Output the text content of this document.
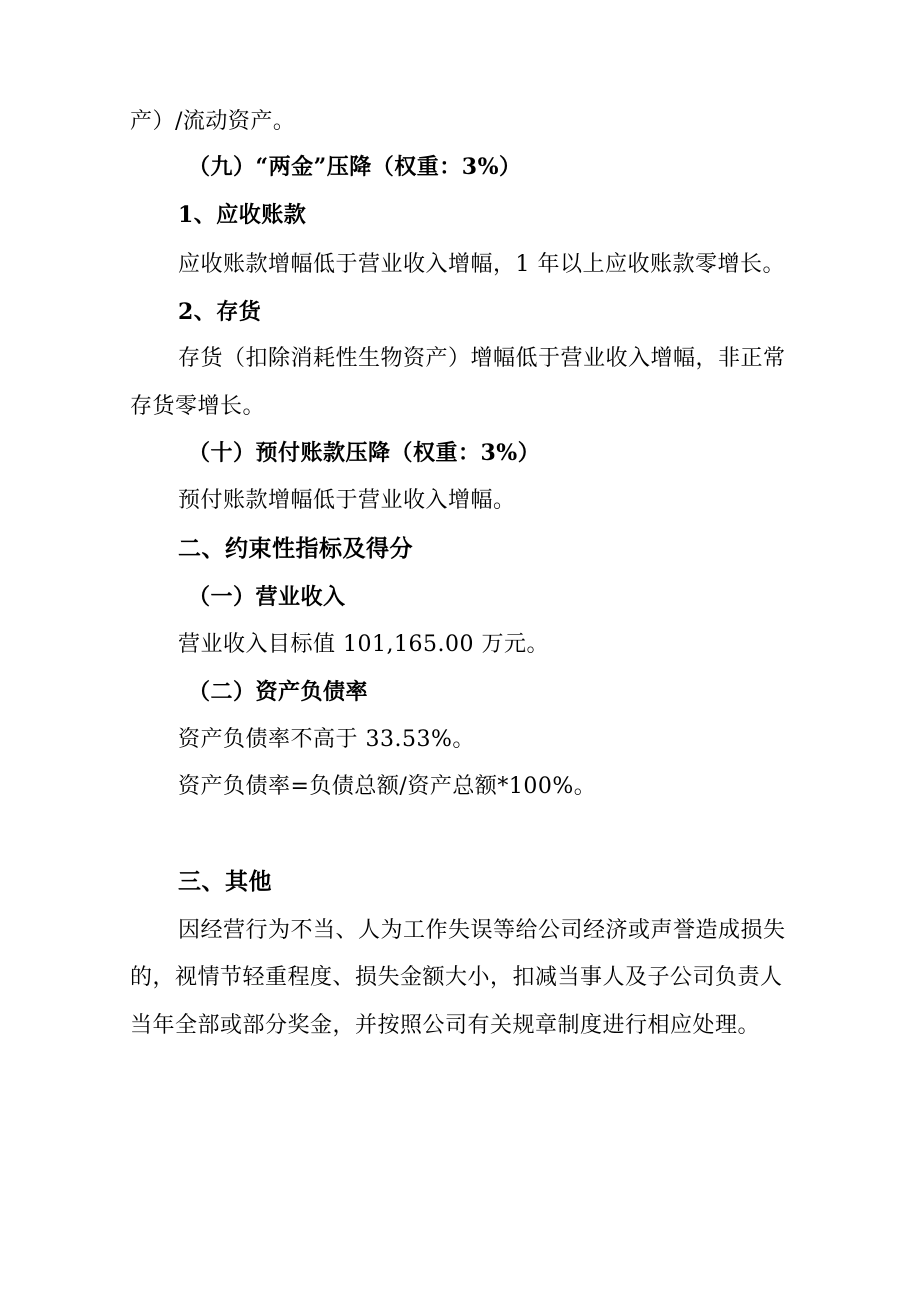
产）/流动资产。
（九）“两金”压降（权重：3%）
1、应收账款
应收账款增幅低于营业收入增幅，1 年以上应收账款零增长。
2、存货
存货（扣除消耗性生物资产）增幅低于营业收入增幅，非正常
存货零增长。
（十）预付账款压降（权重：3%）
预付账款增幅低于营业收入增幅。
二、约束性指标及得分
（一）营业收入
营业收入目标值 101,165.00 万元。
（二）资产负债率
资产负债率不高于 33.53%。
资产负债率=负债总额/资产总额*100%。
三、其他
因经营行为不当、人为工作失误等给公司经济或声誉造成损失
的，视情节轻重程度、损失金额大小，扣减当事人及子公司负责人
当年全部或部分奖金，并按照公司有关规章制度进行相应处理。
